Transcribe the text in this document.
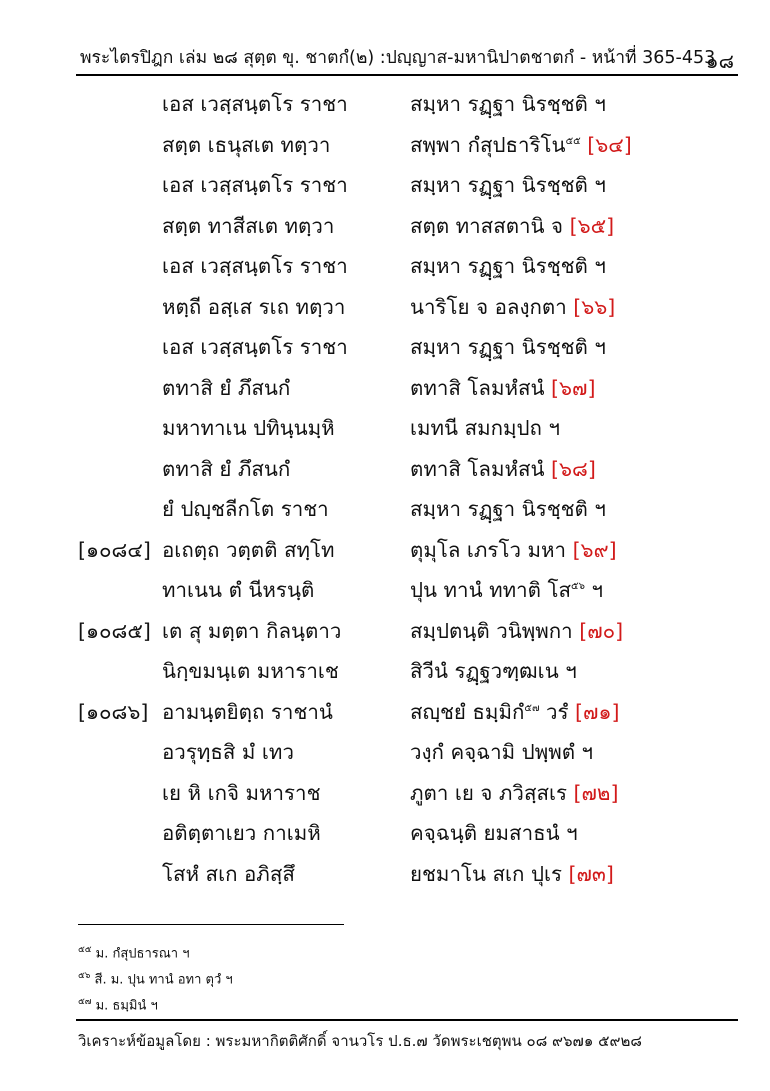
พระไตรปิฎก เล่ม ๒๘ สุตฺต ขุ. ชาตกํ(๒) :ปญฺญาส-มหานิปาตชาตกํ - หน้าที่ 365-453
๑๘
เอส เวสฺสนฺตโร ราชา	สมฺหา รฏฺฐา นิรชฺชติ ฯ
สตฺต เธนุสเต ทตฺวา	สพฺพา กํสุปธาริโน$^{๕๕}$ [๖๔]
เอส เวสฺสนฺตโร ราชา	สมฺหา รฏฺฐา นิรชฺชติ ฯ
สตฺต ทาสีสเต ทตฺวา	สตฺต ทาสสตานิ จ [๖๕]
เอส เวสฺสนฺตโร ราชา	สมฺหา รฏฺฐา นิรชฺชติ ฯ
หตฺถี อสฺเส รเถ ทตฺวา	นาริโย จ อลงฺกตา [๖๖]
เอส เวสฺสนฺตโร ราชา	สมฺหา รฏฺฐา นิรชฺชติ ฯ
ตทาสิ ยํ ภึสนกํ	ตทาสิ โลมหํสนํ [๖๗]
มหาทาเน ปทินฺนมฺหิ	เมทนี สมกมฺปถ ฯ
ตทาสิ ยํ ภึสนกํ	ตทาสิ โลมหํสนํ [๖๘]
ยํ ปญฺชลีกโต ราชา	สมฺหา รฏฺฐา นิรชฺชติ ฯ
[๑๐๘๔] อเถตฺถ วตฺตติ สทฺโท	ตุมุโล เภรโว มหา [๖๙]
ทาเนน ตํ นีหรนฺติ	ปุน ทานํ ททาติ โส$^{๕๖}$ ฯ
[๑๐๘๕] เต สุ มตฺตา กิลนฺตาว	สมฺปตนฺติ วนิพฺพกา [๗๐]
นิกฺขมนฺเต มหาราเช	สิวีนํ รฏฺฐวฑฺฒเน ฯ
[๑๐๘๖] อามนฺตยิตฺถ ราชานํ	สญฺชยํ ธมฺมิกํ$^{๕๗}$ วรํ [๗๑]
อวรุทฺธสิ มํ เทว	วงฺกํ คจฺฉามิ ปพฺพตํ ฯ
เย หิ เกจิ มหาราช	ภูตา เย จ ภวิสฺสเร [๗๒]
อติตฺตาเยว กาเมหิ	คจฺฉนฺติ ยมสาธนํ ฯ
โสหํ สเก อภิสฺสึ	ยชมาโน สเก ปุเร [๗๓]
$^{๕๕}$ ม. กํสุปธารณา ฯ
$^{๕๖}$ สี. ม. ปุน ทานํ อทา ตุวํ ฯ
$^{๕๗}$ ม. ธมฺมินํ ฯ
วิเคราะห์ข้อมูลโดย : พระมหากิตติศักดิ์ จานวโร ป.ธ.๗ วัดพระเชตุพน ๐๘ ๙๖๗๑ ๕๙๒๘
